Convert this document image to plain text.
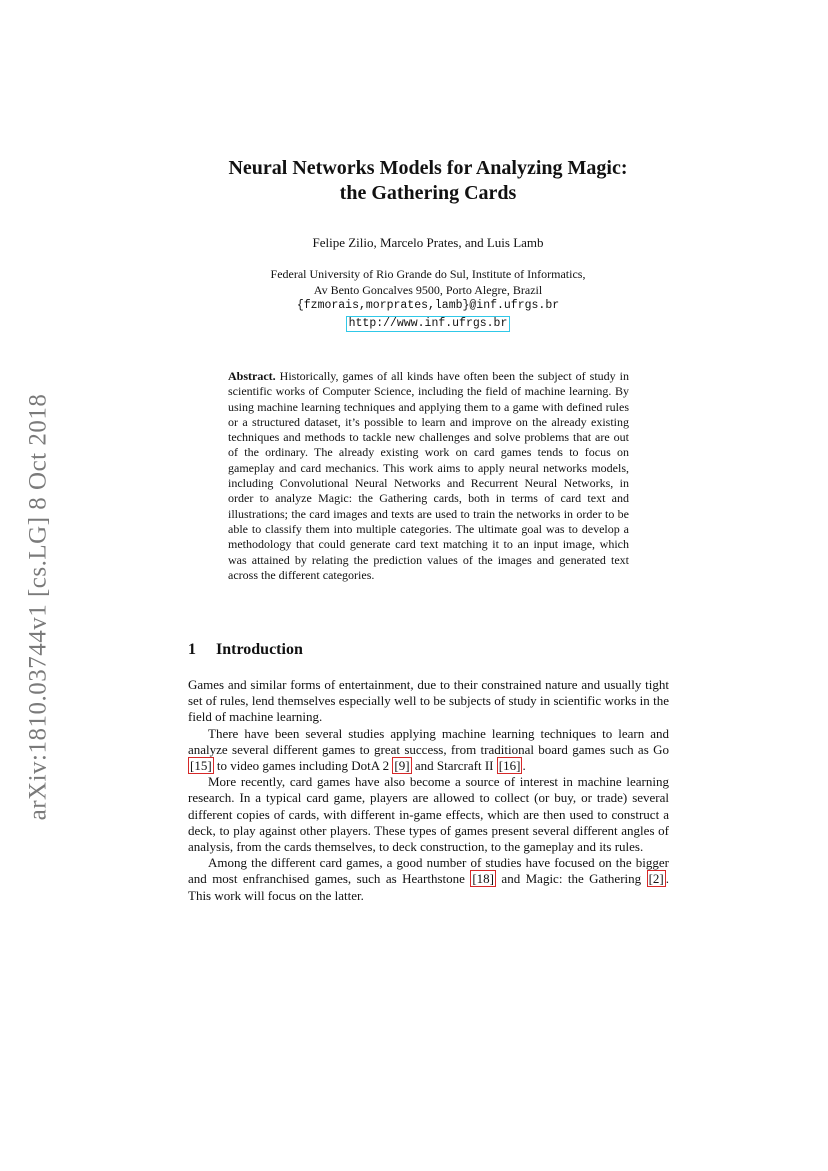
arXiv:1810.03744v1 [cs.LG] 8 Oct 2018
Neural Networks Models for Analyzing Magic:
the Gathering Cards
Felipe Zilio, Marcelo Prates, and Luis Lamb
Federal University of Rio Grande do Sul, Institute of Informatics,
Av Bento Goncalves 9500, Porto Alegre, Brazil
{fzmorais,morprates,lamb}@inf.ufrgs.br
http://www.inf.ufrgs.br
Abstract. Historically, games of all kinds have often been the subject of study in scientific works of Computer Science, including the field of machine learning. By using machine learning techniques and applying them to a game with defined rules or a structured dataset, it’s possible to learn and improve on the already existing techniques and methods to tackle new challenges and solve problems that are out of the ordinary. The already existing work on card games tends to focus on gameplay and card mechanics. This work aims to apply neural networks models, including Convolutional Neural Networks and Recurrent Neural Networks, in order to analyze Magic: the Gathering cards, both in terms of card text and illustrations; the card images and texts are used to train the networks in order to be able to classify them into multiple categories. The ultimate goal was to develop a methodology that could generate card text matching it to an input image, which was attained by relating the prediction values of the images and generated text across the different categories.
1 Introduction

Games and similar forms of entertainment, due to their constrained nature and usually tight set of rules, lend themselves especially well to be subjects of study in scientific works in the field of machine learning.

There have been several studies applying machine learning techniques to learn and analyze several different games to great success, from traditional board games such as Go [15] to video games including DotA 2 [9] and Starcraft II [16] .

More recently, card games have also become a source of interest in machine learning research. In a typical card game, players are allowed to collect (or buy, or trade) several different copies of cards, with different in-game effects, which are then used to construct a deck, to play against other players. These types of games present several different angles of analysis, from the cards themselves, to deck construction, to the gameplay and its rules.

Among the different card games, a good number of studies have focused on the bigger and most enfranchised games, such as Hearthstone [18] and Magic: the Gathering [2] . This work will focus on the latter.
